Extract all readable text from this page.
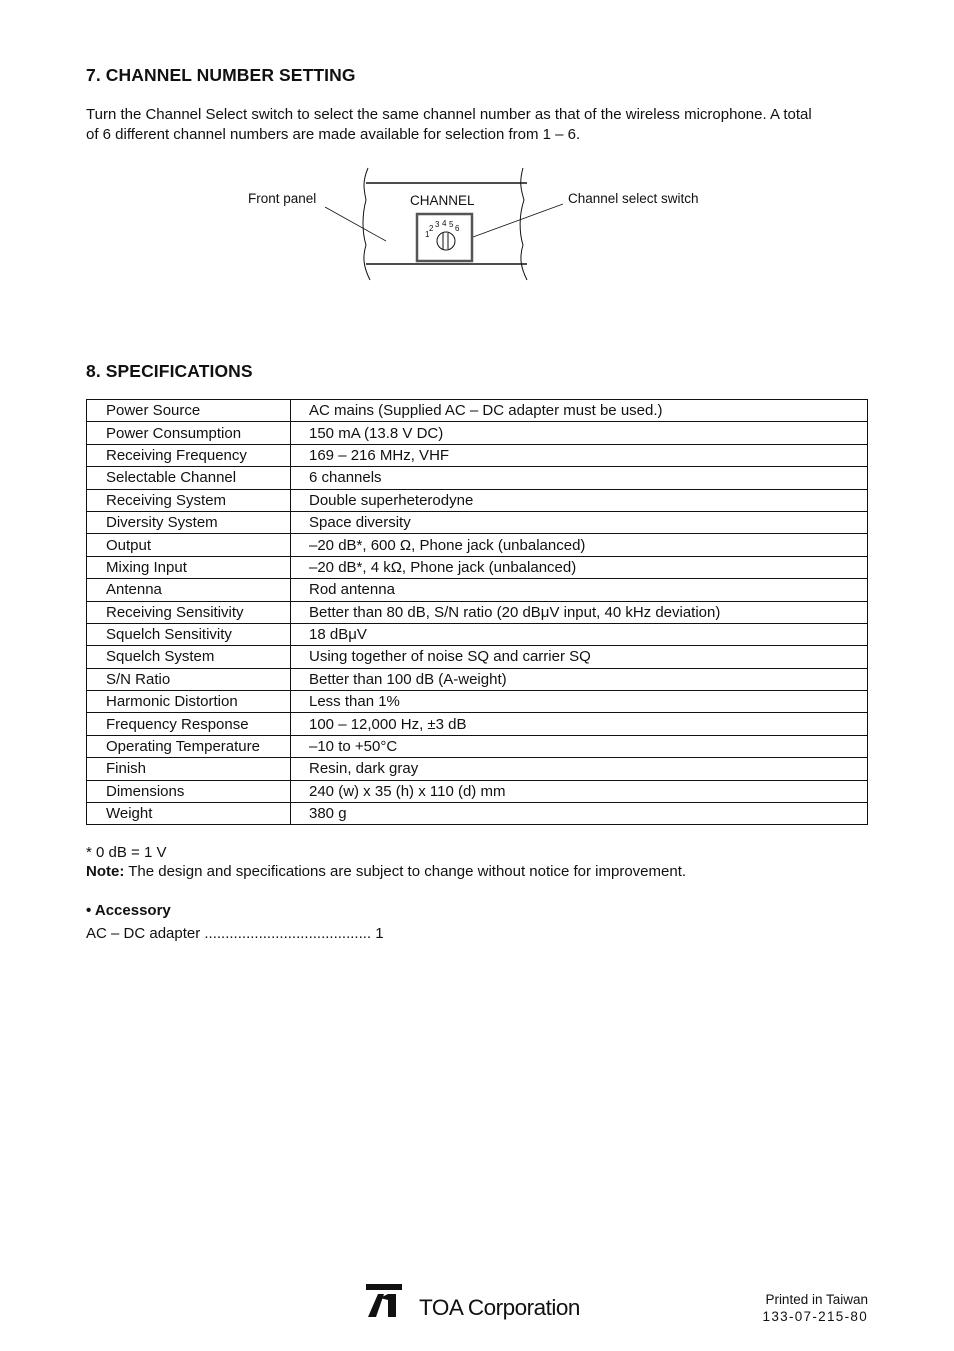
7. CHANNEL NUMBER SETTING
Turn the Channel Select switch to select the same channel number as that of the wireless microphone. A total
of 6 different channel numbers are made available for selection from 1 – 6.
1
2 3 4 5 6
Front panel	CHANNEL	Channel select switch
8. SPECIFICATIONS
Power Source	AC mains (Supplied AC – DC adapter must be used.)
Power Consumption	150 mA (13.8 V DC)
Receiving Frequency	169 – 216 MHz, VHF
Selectable Channel	6 channels
Receiving System	Double superheterodyne
Diversity System	Space diversity
Output	–20 dB*, 600 Ω, Phone jack (unbalanced)
Mixing Input	–20 dB*, 4 kΩ, Phone jack (unbalanced)
Antenna	Rod antenna
Receiving Sensitivity	Better than 80 dB, S/N ratio (20 dBμV input, 40 kHz deviation)
Squelch Sensitivity	18 dBμV
Squelch System	Using together of noise SQ and carrier SQ
S/N Ratio	Better than 100 dB (A-weight)
Harmonic Distortion	Less than 1%
Frequency Response	100 – 12,000 Hz, ±3 dB
Operating Temperature	–10 to +50°C
Finish	Resin, dark gray
Dimensions	240 (w) x 35 (h) x 110 (d) mm
Weight	380 g
* 0 dB = 1 V
Note: The design and specifications are subject to change without notice for improvement.
• Accessory
AC – DC adapter ........................................ 1
TOA Corporation	Printed in Taiwan
133-07-215-80
